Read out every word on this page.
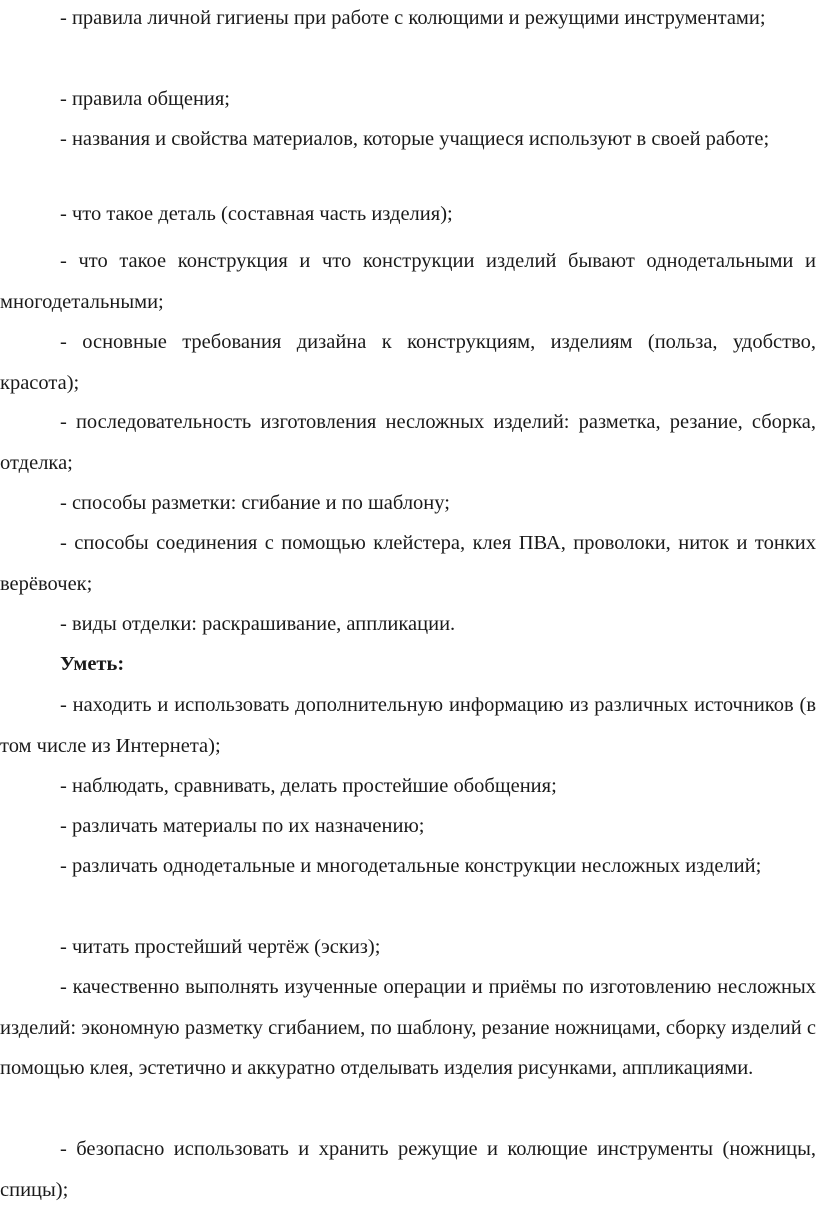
- правила личной гигиены при работе с колющими и режущими инструментами;

- правила общения;

- названия и свойства материалов, которые учащиеся используют в своей работе;

- что такое деталь (составная часть изделия);

- что такое конструкция и что конструкции изделий бывают однодетальными и многодетальными;

- основные требования дизайна к конструкциям, изделиям (польза, удобство, красота);

- последовательность изготовления несложных изделий: разметка, резание, сборка, отделка;

- способы разметки: сгибание и по шаблону;

- способы соединения с помощью клейстера, клея ПВА, проволоки, ниток и тонких верёвочек;

- виды отделки: раскрашивание, аппликации.

Уметь:

- находить и использовать дополнительную информацию из различных источников (в том числе из Интернета);

- наблюдать, сравнивать, делать простейшие обобщения;

- различать материалы по их назначению;

- различать однодетальные и многодетальные конструкции несложных изделий;

- читать простейший чертёж (эскиз);

- качественно выполнять изученные операции и приёмы по изготовлению несложных изделий: экономную разметку сгибанием, по шаблону, резание ножницами, сборку изделий с помощью клея, эстетично и аккуратно отделывать изделия рисунками, аппликациями.

- безопасно использовать и хранить режущие и колющие инструменты (ножницы, спицы);
